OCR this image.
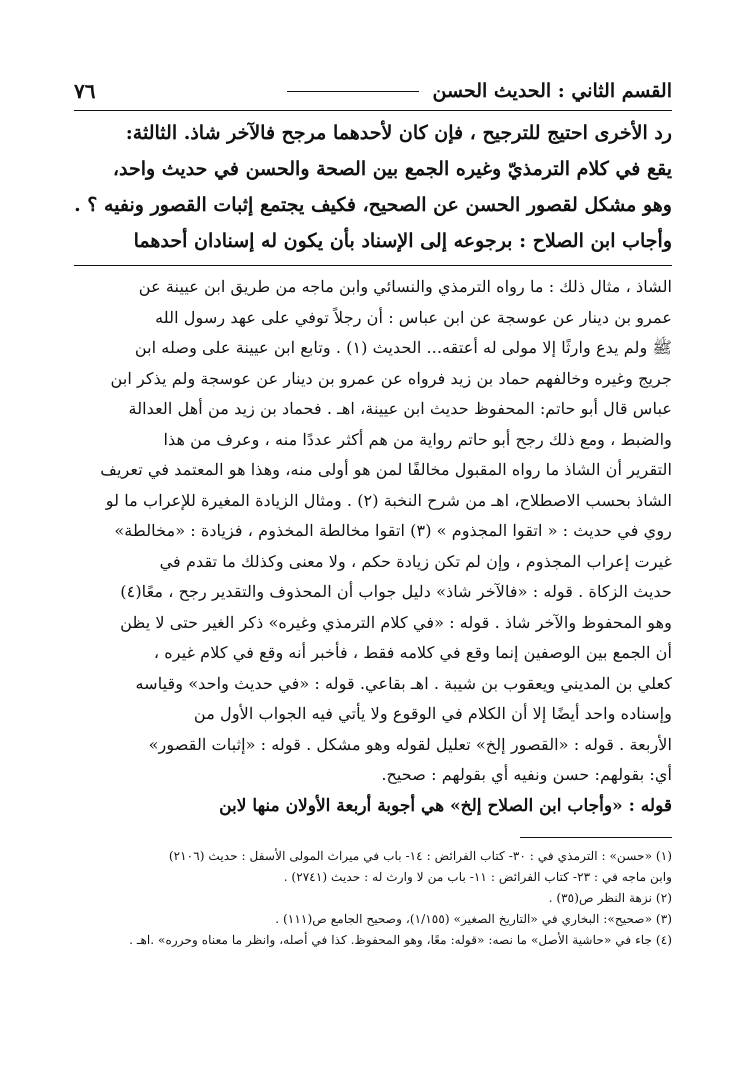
القسم الثاني : الحديث الحسن
٧٦

رد الأخرى احتيج للترجيح ، فإن كان لأحدهما مرجح فالآخر شاذ. الثالثة:

يقع في كلام الترمذيّ وغيره الجمع بين الصحة والحسن في حديث واحد،

وهو مشكل لقصور الحسن عن الصحيح، فكيف يجتمع إثبات القصور ونفيه ؟ .

وأجاب ابن الصلاح : برجوعه إلى الإسناد بأن يكون له إسنادان أحدهما

الشاذ ، مثال ذلك : ما رواه الترمذي والنسائي وابن ماجه من طريق ابن عيينة عن

عمرو بن دينار عن عوسجة عن ابن عباس : أن رجلاً توفي على عهد رسول الله

ﷺ ولم يدع وارثًا إلا مولى له أعتقه... الحديث (١) . وتابع ابن عيينة على وصله ابن

جريج وغيره وخالفهم حماد بن زيد فرواه عن عمرو بن دينار عن عوسجة ولم يذكر ابن

عباس قال أبو حاتم: المحفوظ حديث ابن عيينة، اهـ . فحماد بن زيد من أهل العدالة

والضبط ، ومع ذلك رجح أبو حاتم رواية من هم أكثر عددًا منه ، وعرف من هذا

التقرير أن الشاذ ما رواه المقبول مخالفًا لمن هو أولى منه، وهذا هو المعتمد في تعريف

الشاذ بحسب الاصطلاح، اهـ من شرح النخبة (٢) . ومثال الزيادة المغيرة للإعراب ما لو

روي في حديث : « اتقوا المجذوم » (٣) اتقوا مخالطة المخذوم ، فزيادة : «مخالطة»

غيرت إعراب المجذوم ، وإن لم تكن زيادة حكم ، ولا معنى وكذلك ما تقدم في

حديث الزكاة . قوله : «فالآخر شاذ» دليل جواب أن المحذوف والتقدير رجح ، معًا(٤)

وهو المحفوظ والآخر شاذ . قوله : «في كلام الترمذي وغيره» ذكر الغير حتى لا يظن

أن الجمع بين الوصفين إنما وقع في كلامه فقط ، فأخبر أنه وقع في كلام غيره ،

كعلي بن المديني ويعقوب بن شيبة . اهـ بقاعي. قوله : «في حديث واحد» وقياسه

وإسناده واحد أيضًا إلا أن الكلام في الوقوع ولا يأتي فيه الجواب الأول من

الأربعة . قوله : «القصور إلخ» تعليل لقوله وهو مشكل . قوله : «إثبات القصور»

أي: بقولهم: حسن ونفيه أي بقولهم : صحيح.

قوله : «وأجاب ابن الصلاح إلخ» هي أجوبة أربعة الأولان منها لابن

(١) «حسن» : الترمذي في : ٣٠- كتاب الفرائض : ١٤- باب في ميراث المولى الأسفل : حديث (٢١٠٦)

وابن ماجه في : ٢٣- كتاب الفرائض : ١١- باب من لا وارث له : حديث (٢٧٤١) .

(٢) نزهة النظر ص(٣٥) .

(٣) «صحيح»: البخاري في «التاريخ الصغير» (١/١٥٥)، وصحيح الجامع ص(١١١) .

(٤) جاء في «حاشية الأصل» ما نصه: «قوله: معًا، وهو المحفوظ. كذا في أصله، وانظر ما معناه وحرره» .اهـ .
